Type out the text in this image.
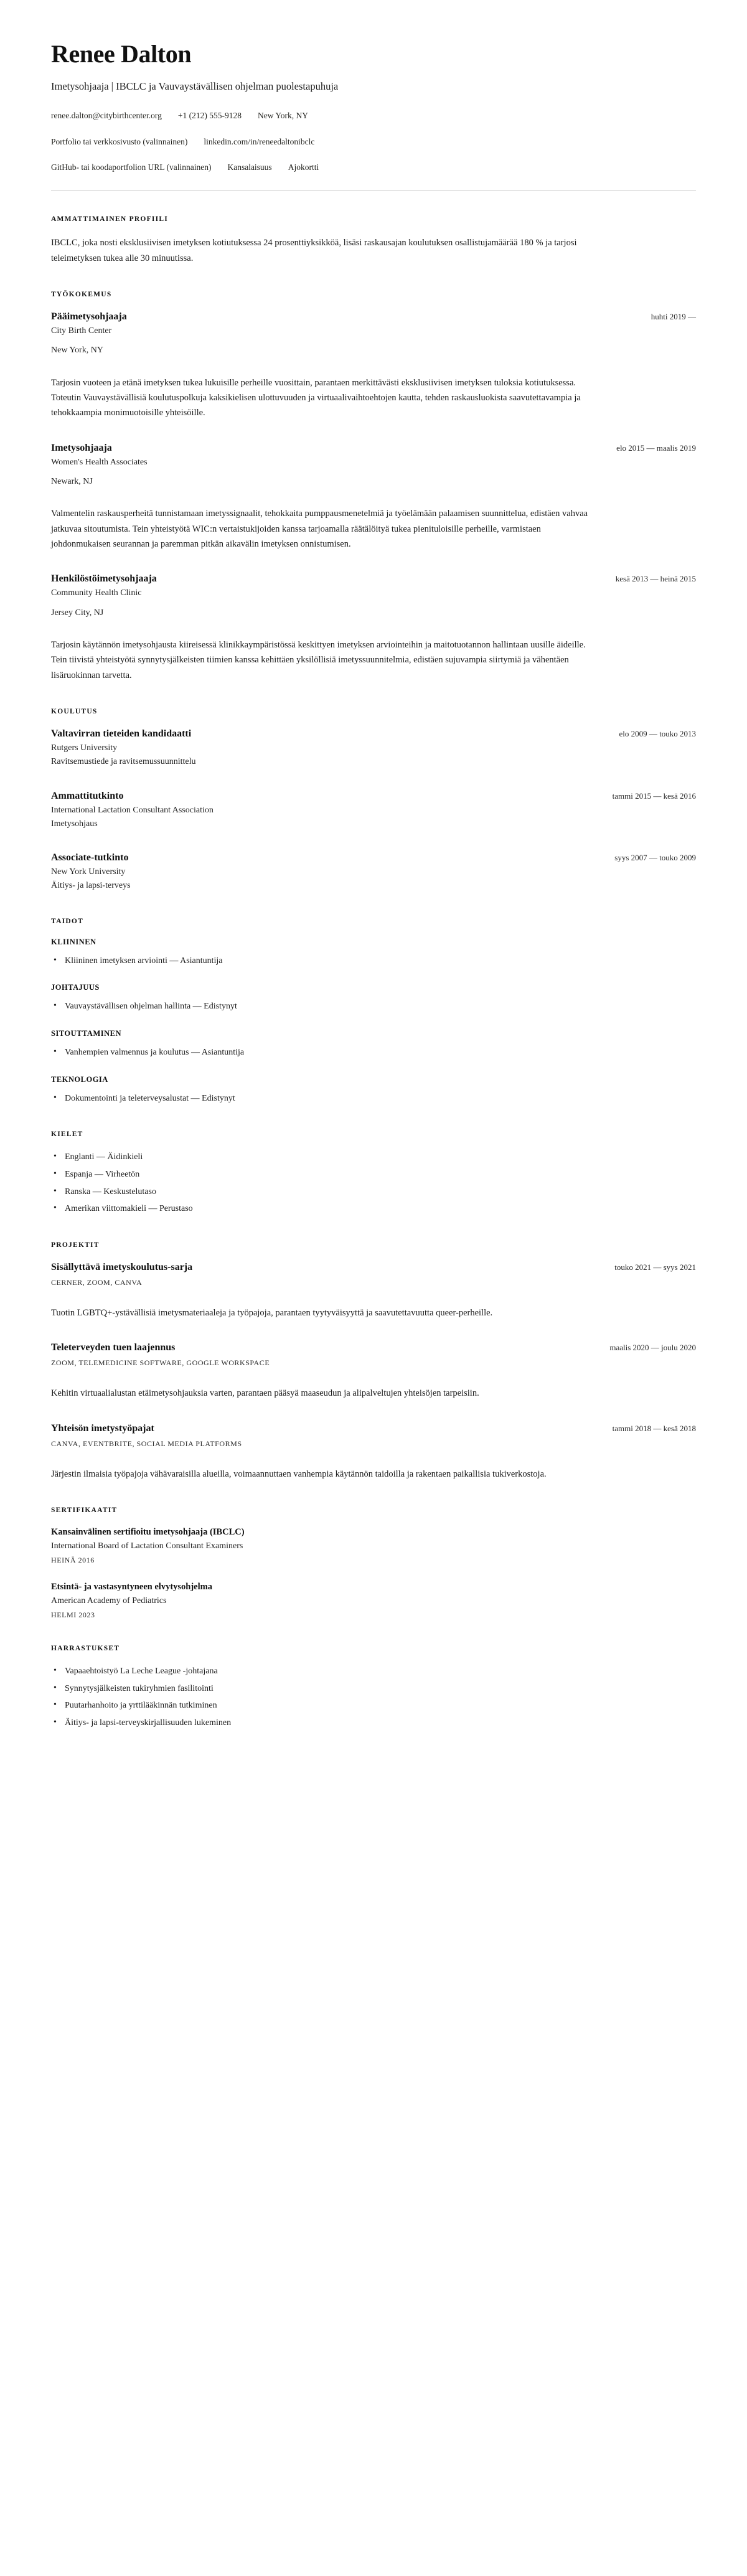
Renee Dalton
Imetysohjaaja | IBCLC ja Vauvaystävällisen ohjelman puolestapuhuja
renee.dalton@citybirthcenter.org +1 (212) 555-9128 New York, NY
Portfolio tai verkkosivusto (valinnainen) linkedin.com/in/reneedaltonibclc
GitHub- tai koodaportfolion URL (valinnainen) Kansalaisuus Ajokortti
AMMATTIMAINEN PROFIILI

IBCLC, joka nosti eksklusiivisen imetyksen kotiutuksessa 24 prosenttiyksikköä, lisäsi raskausajan koulutuksen osallistujamäärää 180 % ja tarjosi teleimetyksen tukea alle 30 minuutissa.

TYÖKOKEMUS
Pääimetysohjaaja	huhti 2019 —
City Birth Center
New York, NY

Tarjosin vuoteen ja etänä imetyksen tukea lukuisille perheille vuosittain, parantaen merkittävästi eksklusiivisen imetyksen tuloksia kotiutuksessa. Toteutin Vauvaystävällisiä koulutuspolkuja kaksikielisen ulottuvuuden ja virtuaalivaihtoehtojen kautta, tehden raskausluokista saavutettavampia ja tehokkaampia monimuotoisille yhteisöille.

Imetysohjaaja	elo 2015 — maalis 2019
Women's Health Associates
Newark, NJ

Valmentelin raskausperheitä tunnistamaan imetyssignaalit, tehokkaita pumppausmenetelmiä ja työelämään palaamisen suunnittelua, edistäen vahvaa jatkuvaa sitoutumista. Tein yhteistyötä WIC:n vertaistukijoiden kanssa tarjoamalla räätälöityä tukea pienituloisille perheille, varmistaen johdonmukaisen seurannan ja paremman pitkän aikavälin imetyksen onnistumisen.

Henkilöstöimetysohjaaja	kesä 2013 — heinä 2015
Community Health Clinic
Jersey City, NJ

Tarjosin käytännön imetysohjausta kiireisessä klinikkaympäristössä keskittyen imetyksen arviointeihin ja maitotuotannon hallintaan uusille äideille. Tein tiivistä yhteistyötä synnytysjälkeisten tiimien kanssa kehittäen yksilöllisiä imetyssuunnitelmia, edistäen sujuvampia siirtymiä ja vähentäen lisäruokinnan tarvetta.

KOULUTUS
Valtavirran tieteiden kandidaatti	elo 2009 — touko 2013
Rutgers University
Ravitsemustiede ja ravitsemussuunnittelu
Ammattitutkinto	tammi 2015 — kesä 2016
International Lactation Consultant Association
Imetysohjaus
Associate-tutkinto	syys 2007 — touko 2009
New York University
Äitiys- ja lapsi-terveys
TAIDOT
KLIININEN
• Kliininen imetyksen arviointi — Asiantuntija
JOHTAJUUS
• Vauvaystävällisen ohjelman hallinta — Edistynyt
SITOUTTAMINEN
• Vanhempien valmennus ja koulutus — Asiantuntija
TEKNOLOGIA
• Dokumentointi ja teleterveysalustat — Edistynyt
KIELET
• Englanti — Äidinkieli
• Espanja — Virheetön
• Ranska — Keskustelutaso
• Amerikan viittomakieli — Perustaso
PROJEKTIT
Sisällyttävä imetyskoulutus-sarja	touko 2021 — syys 2021
CERNER, ZOOM, CANVA

Tuotin LGBTQ+-ystävällisiä imetysmateriaaleja ja työpajoja, parantaen tyytyväisyyttä ja saavutettavuutta queer-perheille.

Teleterveyden tuen laajennus	maalis 2020 — joulu 2020
ZOOM, TELEMEDICINE SOFTWARE, GOOGLE WORKSPACE

Kehitin virtuaalialustan etäimetysohjauksia varten, parantaen pääsyä maaseudun ja alipalveltujen yhteisöjen tarpeisiin.

Yhteisön imetystyöpajat	tammi 2018 — kesä 2018
CANVA, EVENTBRITE, SOCIAL MEDIA PLATFORMS

Järjestin ilmaisia työpajoja vähävaraisilla alueilla, voimaannuttaen vanhempia käytännön taidoilla ja rakentaen paikallisia tukiverkostoja.

SERTIFIKAATIT
Kansainvälinen sertifioitu imetysohjaaja (IBCLC)
International Board of Lactation Consultant Examiners
HEINÄ 2016
Etsintä- ja vastasyntyneen elvytysohjelma
American Academy of Pediatrics
HELMI 2023
HARRASTUKSET
• Vapaaehtoistyö La Leche League -johtajana
• Synnytysjälkeisten tukiryhmien fasilitointi
• Puutarhanhoito ja yrttilääkinnän tutkiminen
• Äitiys- ja lapsi-terveyskirjallisuuden lukeminen
